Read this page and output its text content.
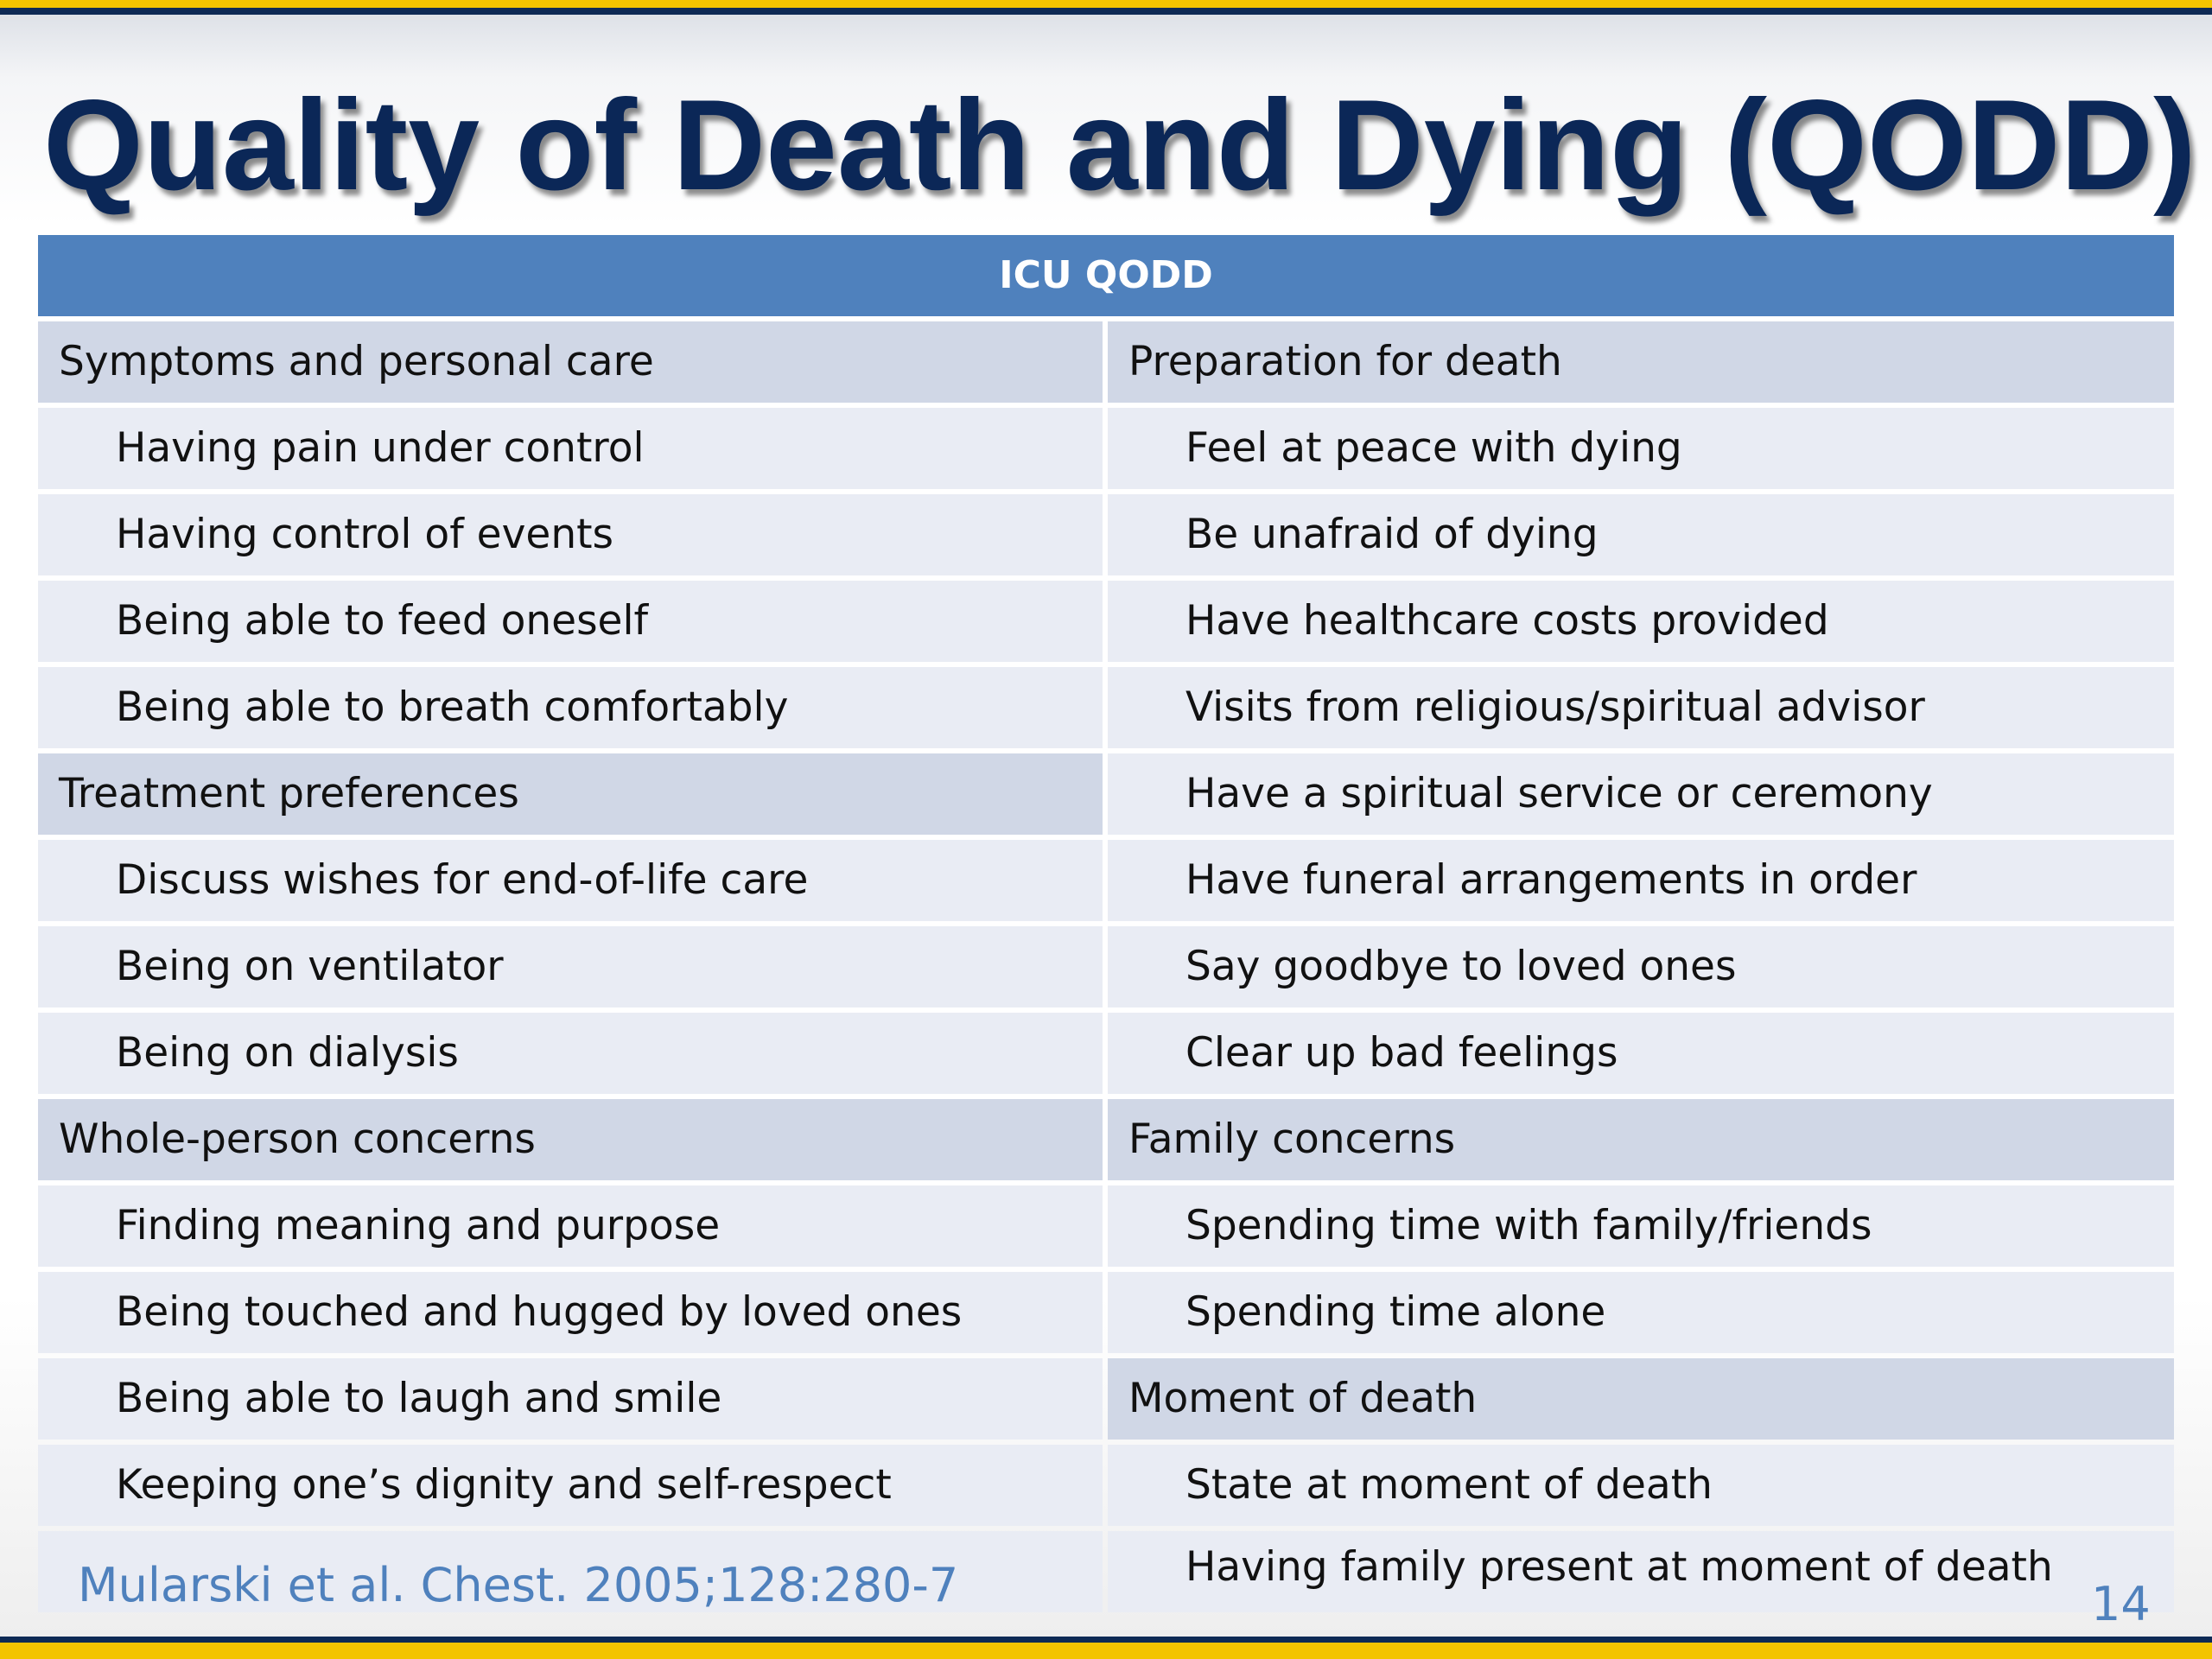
Quality of Death and Dying (QODD)
ICU QODD
Symptoms and personal care
Having pain under control
Having control of events
Being able to feed oneself
Being able to breath comfortably
Treatment preferences
Discuss wishes for end-of-life care
Being on ventilator
Being on dialysis
Whole-person concerns
Finding meaning and purpose
Being touched and hugged by loved ones
Being able to laugh and smile
Keeping one’s dignity and self-respect
Preparation for death
Feel at peace with dying
Be unafraid of dying
Have healthcare costs provided
Visits from religious/spiritual advisor
Have a spiritual service or ceremony
Have funeral arrangements in order
Say goodbye to loved ones
Clear up bad feelings
Family concerns
Spending time with family/friends
Spending time alone
Moment of death
State at moment of death
Having family present at moment of death
Mularski et al. Chest. 2005;128:280-7	14
